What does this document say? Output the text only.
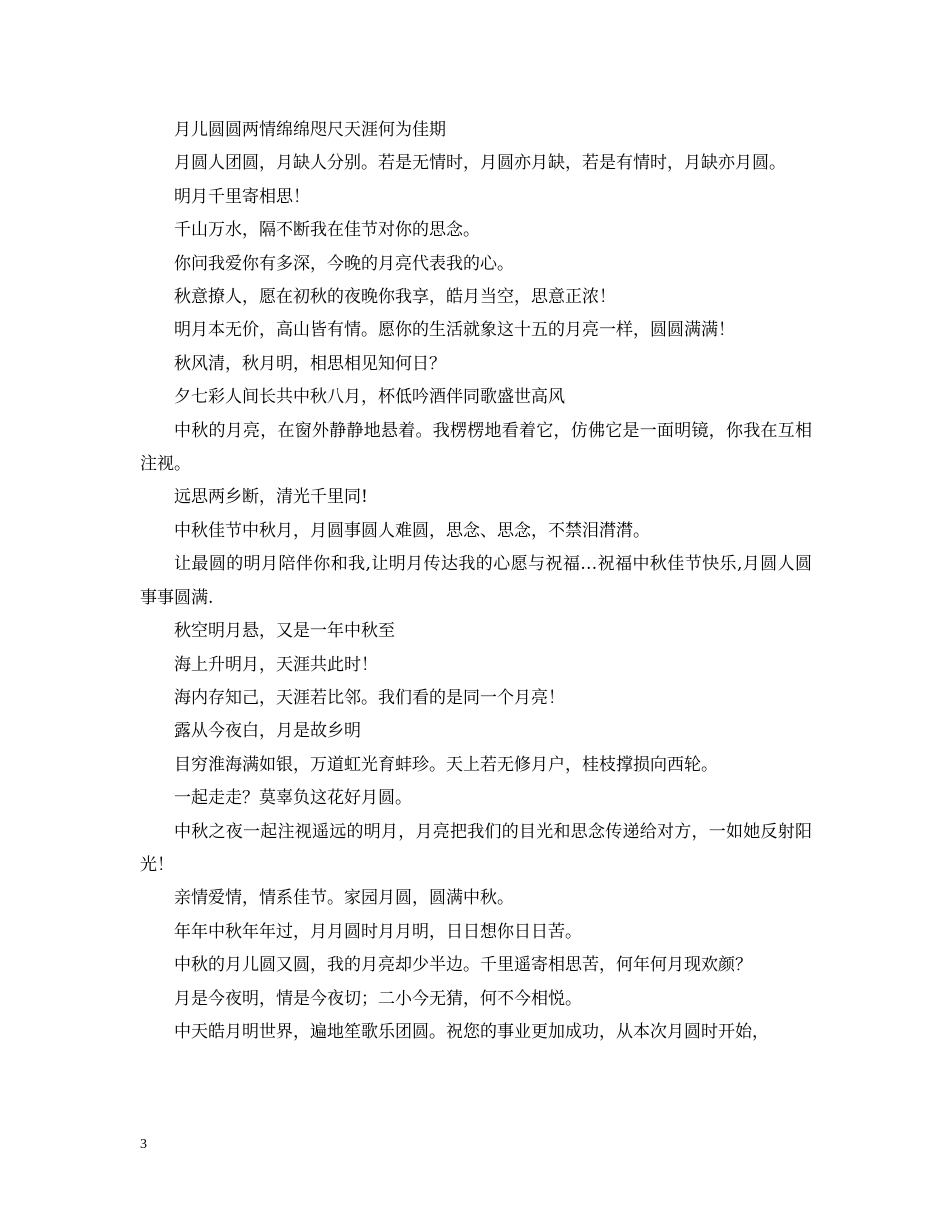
月儿圆圆两情绵绵咫尺天涯何为佳期

月圆人团圆，月缺人分别。若是无情时，月圆亦月缺，若是有情时，月缺亦月圆。

明月千里寄相思！

千山万水，隔不断我在佳节对你的思念。

你问我爱你有多深，今晚的月亮代表我的心。

秋意撩人，愿在初秋的夜晚你我享，皓月当空，思意正浓！

明月本无价，高山皆有情。愿你的生活就象这十五的月亮一样，圆圆满满！

秋风清，秋月明，相思相见知何日？

夕七彩人间长共中秋八月，杯低吟酒伴同歌盛世高风

中秋的月亮，在窗外静静地悬着。我楞楞地看着它，仿佛它是一面明镜，你我在互相注视。

远思两乡断，清光千里同!

中秋佳节中秋月，月圆事圆人难圆，思念、思念，不禁泪潸潸。

让最圆的明月陪伴你和我,让明月传达我的心愿与祝福…祝福中秋佳节快乐,月圆人圆事事圆满.

秋空明月悬，又是一年中秋至

海上升明月，天涯共此时！

海内存知己，天涯若比邻。我们看的是同一个月亮！

露从今夜白，月是故乡明

目穷淮海满如银，万道虹光育蚌珍。天上若无修月户，桂枝撑损向西轮。

一起走走？莫辜负这花好月圆。

中秋之夜一起注视遥远的明月，月亮把我们的目光和思念传递给对方，一如她反射阳光！

亲情爱情，情系佳节。家园月圆，圆满中秋。

年年中秋年年过，月月圆时月月明，日日想你日日苦。

中秋的月儿圆又圆，我的月亮却少半边。千里遥寄相思苦，何年何月现欢颜？

月是今夜明，情是今夜切；二小今无猜，何不今相悦。

中天皓月明世界，遍地笙歌乐团圆。祝您的事业更加成功，从本次月圆时开始，

3
